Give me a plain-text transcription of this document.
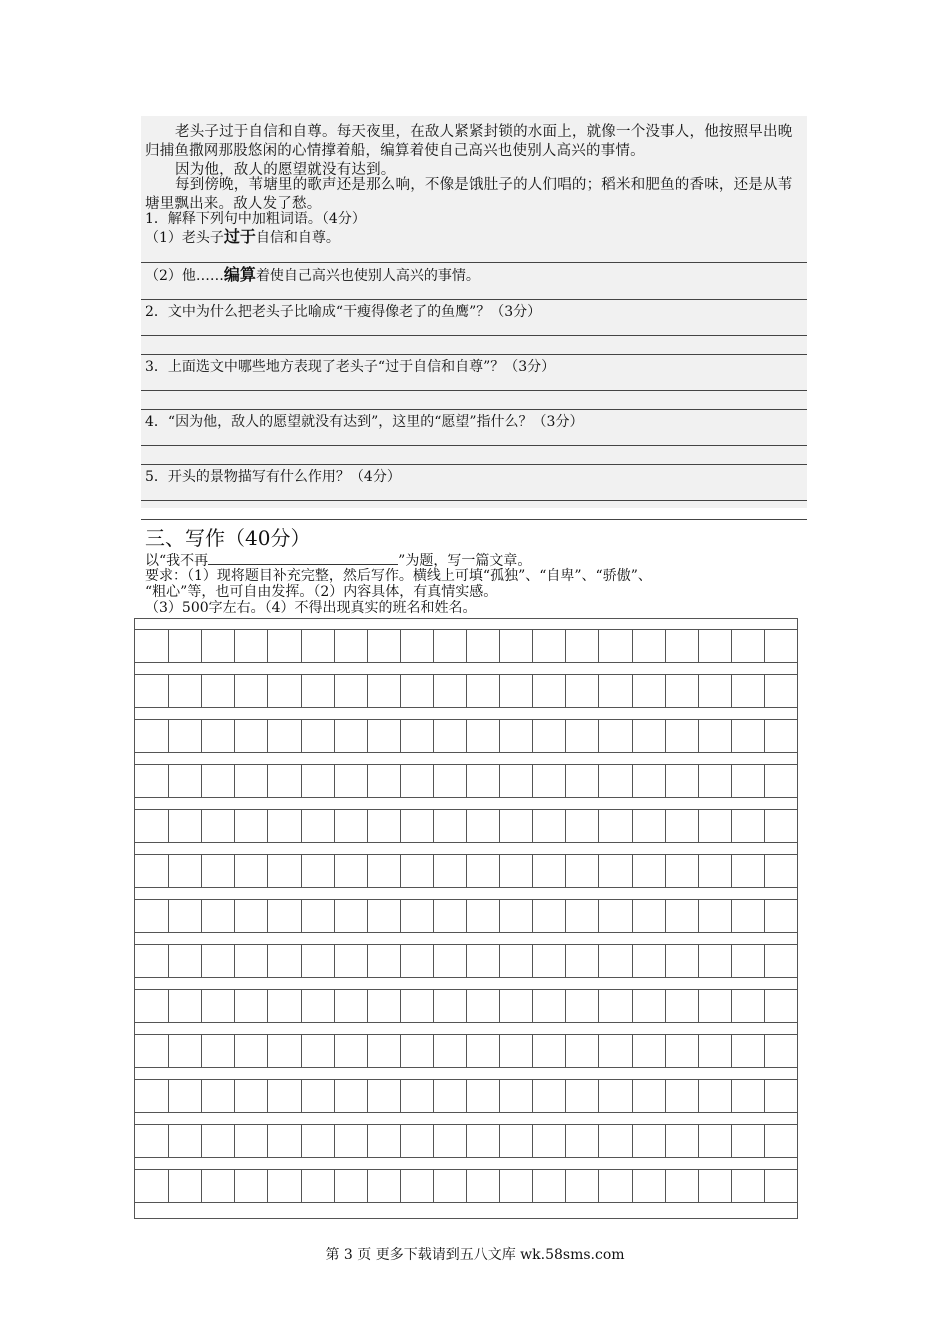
老头子过于自信和自尊。每天夜里，在敌人紧紧封锁的水面上，就像一个没事人，他按照早出晚归捕鱼撒网那股悠闲的心情撑着船，编算着使自己高兴也使别人高兴的事情。
因为他，敌人的愿望就没有达到。
每到傍晚，苇塘里的歌声还是那么响，不像是饿肚子的人们唱的；稻米和肥鱼的香味，还是从苇塘里飘出来。敌人发了愁。
1．解释下列句中加粗词语。（4分）
（1）老头子过于自信和自尊。
（2）他……编算着使自己高兴也使别人高兴的事情。
2．文中为什么把老头子比喻成“干瘦得像老了的鱼鹰”？（3分）
3．上面选文中哪些地方表现了老头子“过于自信和自尊”？（3分）
4．“因为他，敌人的愿望就没有达到”，这里的“愿望”指什么？（3分）
5．开头的景物描写有什么作用？（4分）
三、写作（40分）
以“我不再	”为题，写一篇文章。
要求：（1）现将题目补充完整，然后写作。横线上可填“孤独”、“自卑”、“骄傲”、
“粗心”等，也可自由发挥。（2）内容具体，有真情实感。
（3）500字左右。（4）不得出现真实的班名和姓名。
第 3 页 更多下载请到五八文库 wk.58sms.com
